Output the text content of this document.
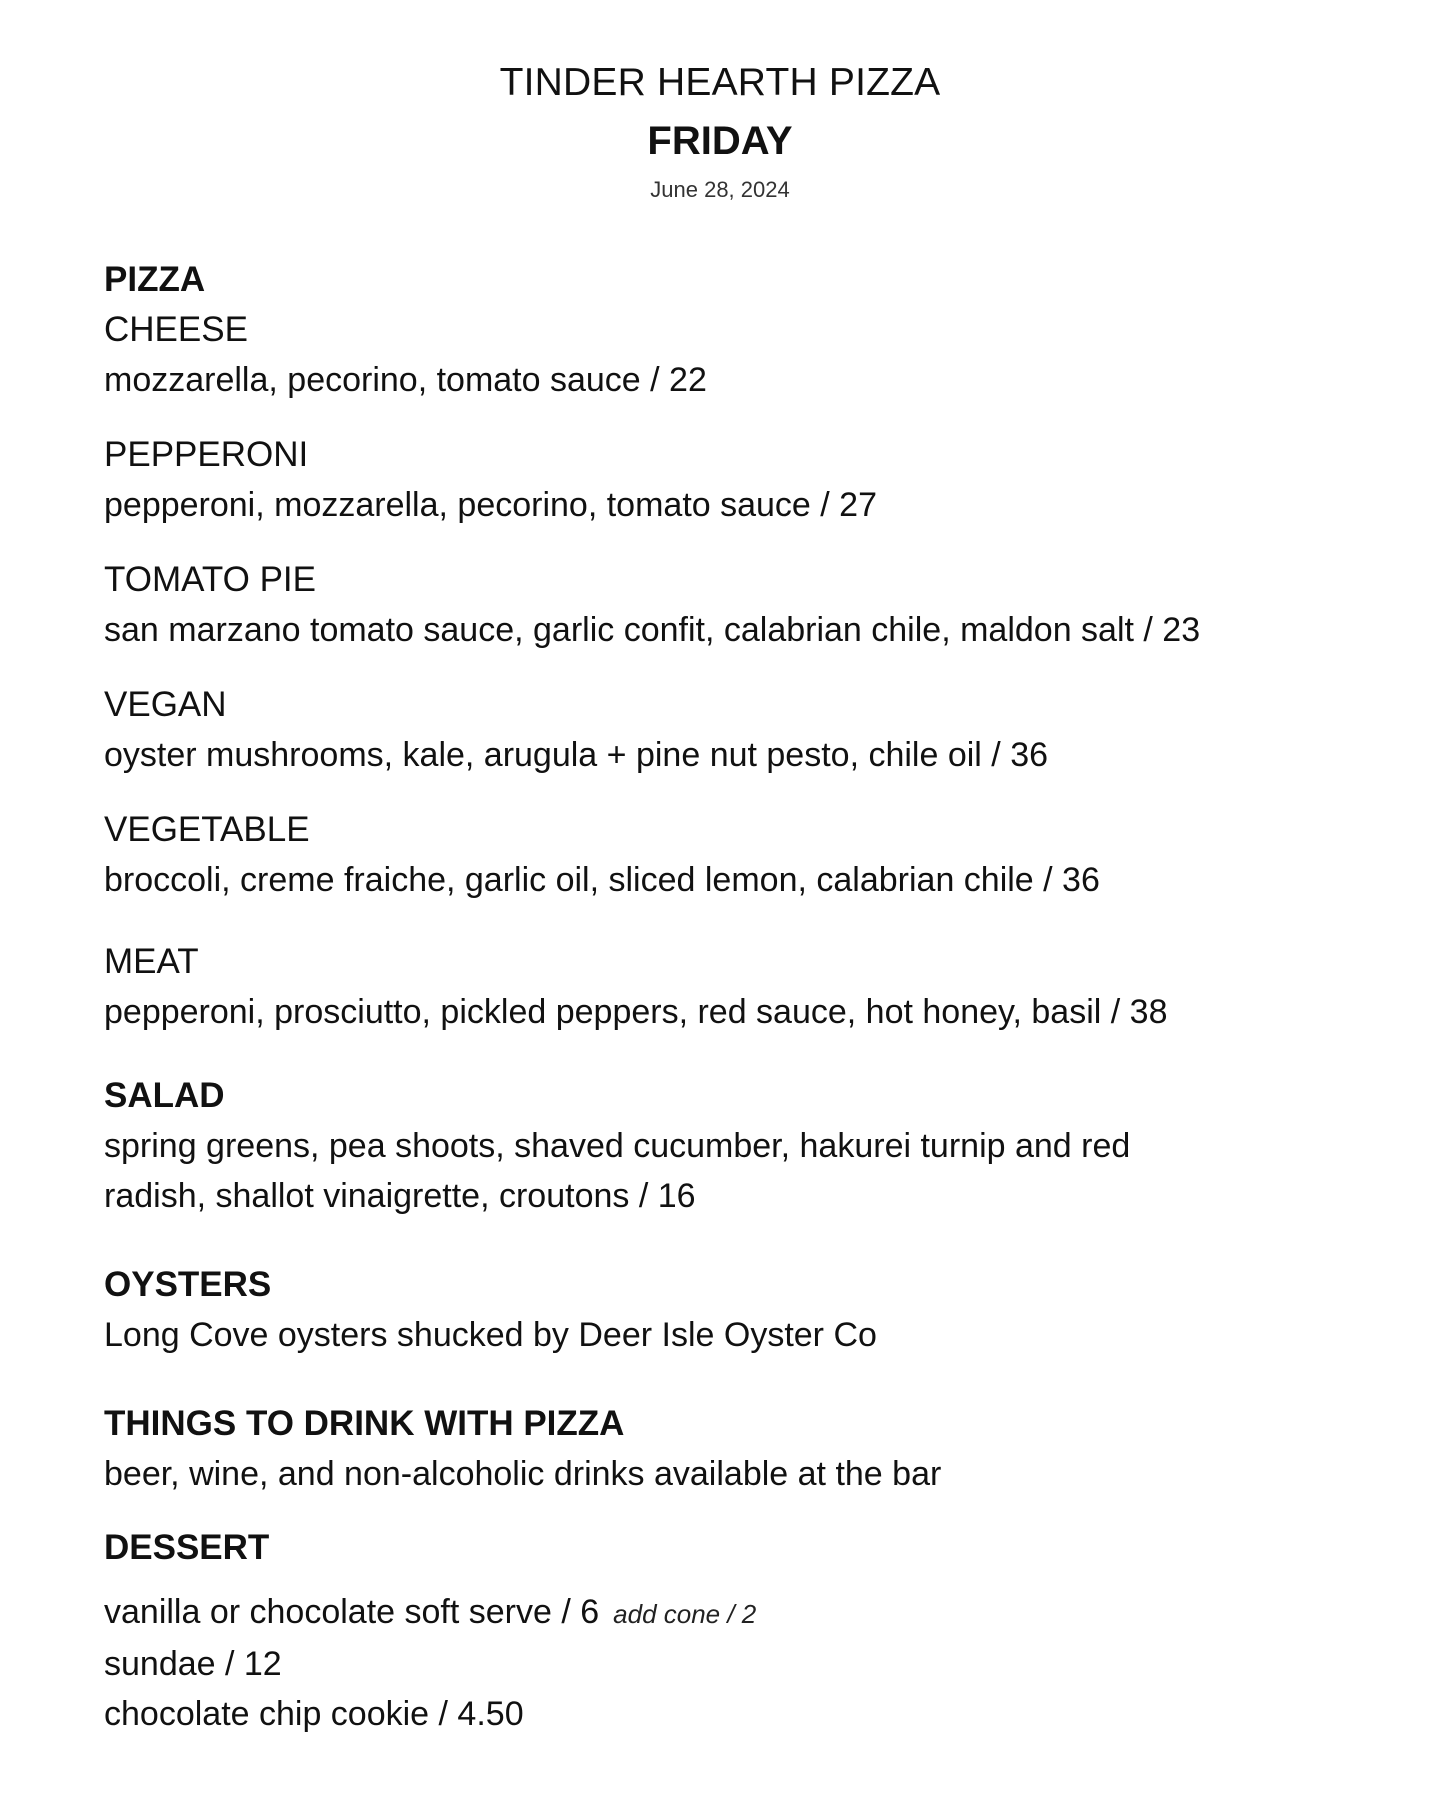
TINDER HEARTH PIZZA
FRIDAY
June 28, 2024
PIZZA
CHEESE
mozzarella, pecorino, tomato sauce / 22
PEPPERONI
pepperoni, mozzarella, pecorino, tomato sauce / 27
TOMATO PIE
san marzano tomato sauce, garlic confit, calabrian chile, maldon salt / 23
VEGAN
oyster mushrooms, kale, arugula + pine nut pesto, chile oil / 36
VEGETABLE
broccoli, creme fraiche, garlic oil, sliced lemon, calabrian chile / 36
MEAT
pepperoni, prosciutto, pickled peppers, red sauce, hot honey, basil / 38
SALAD
spring greens, pea shoots, shaved cucumber, hakurei turnip and red
radish, shallot vinaigrette, croutons / 16
OYSTERS
Long Cove oysters shucked by Deer Isle Oyster Co
THINGS TO DRINK WITH PIZZA
beer, wine, and non-alcoholic drinks available at the bar
DESSERT
vanilla or chocolate soft serve / 6 add cone / 2
sundae / 12
chocolate chip cookie / 4.50
